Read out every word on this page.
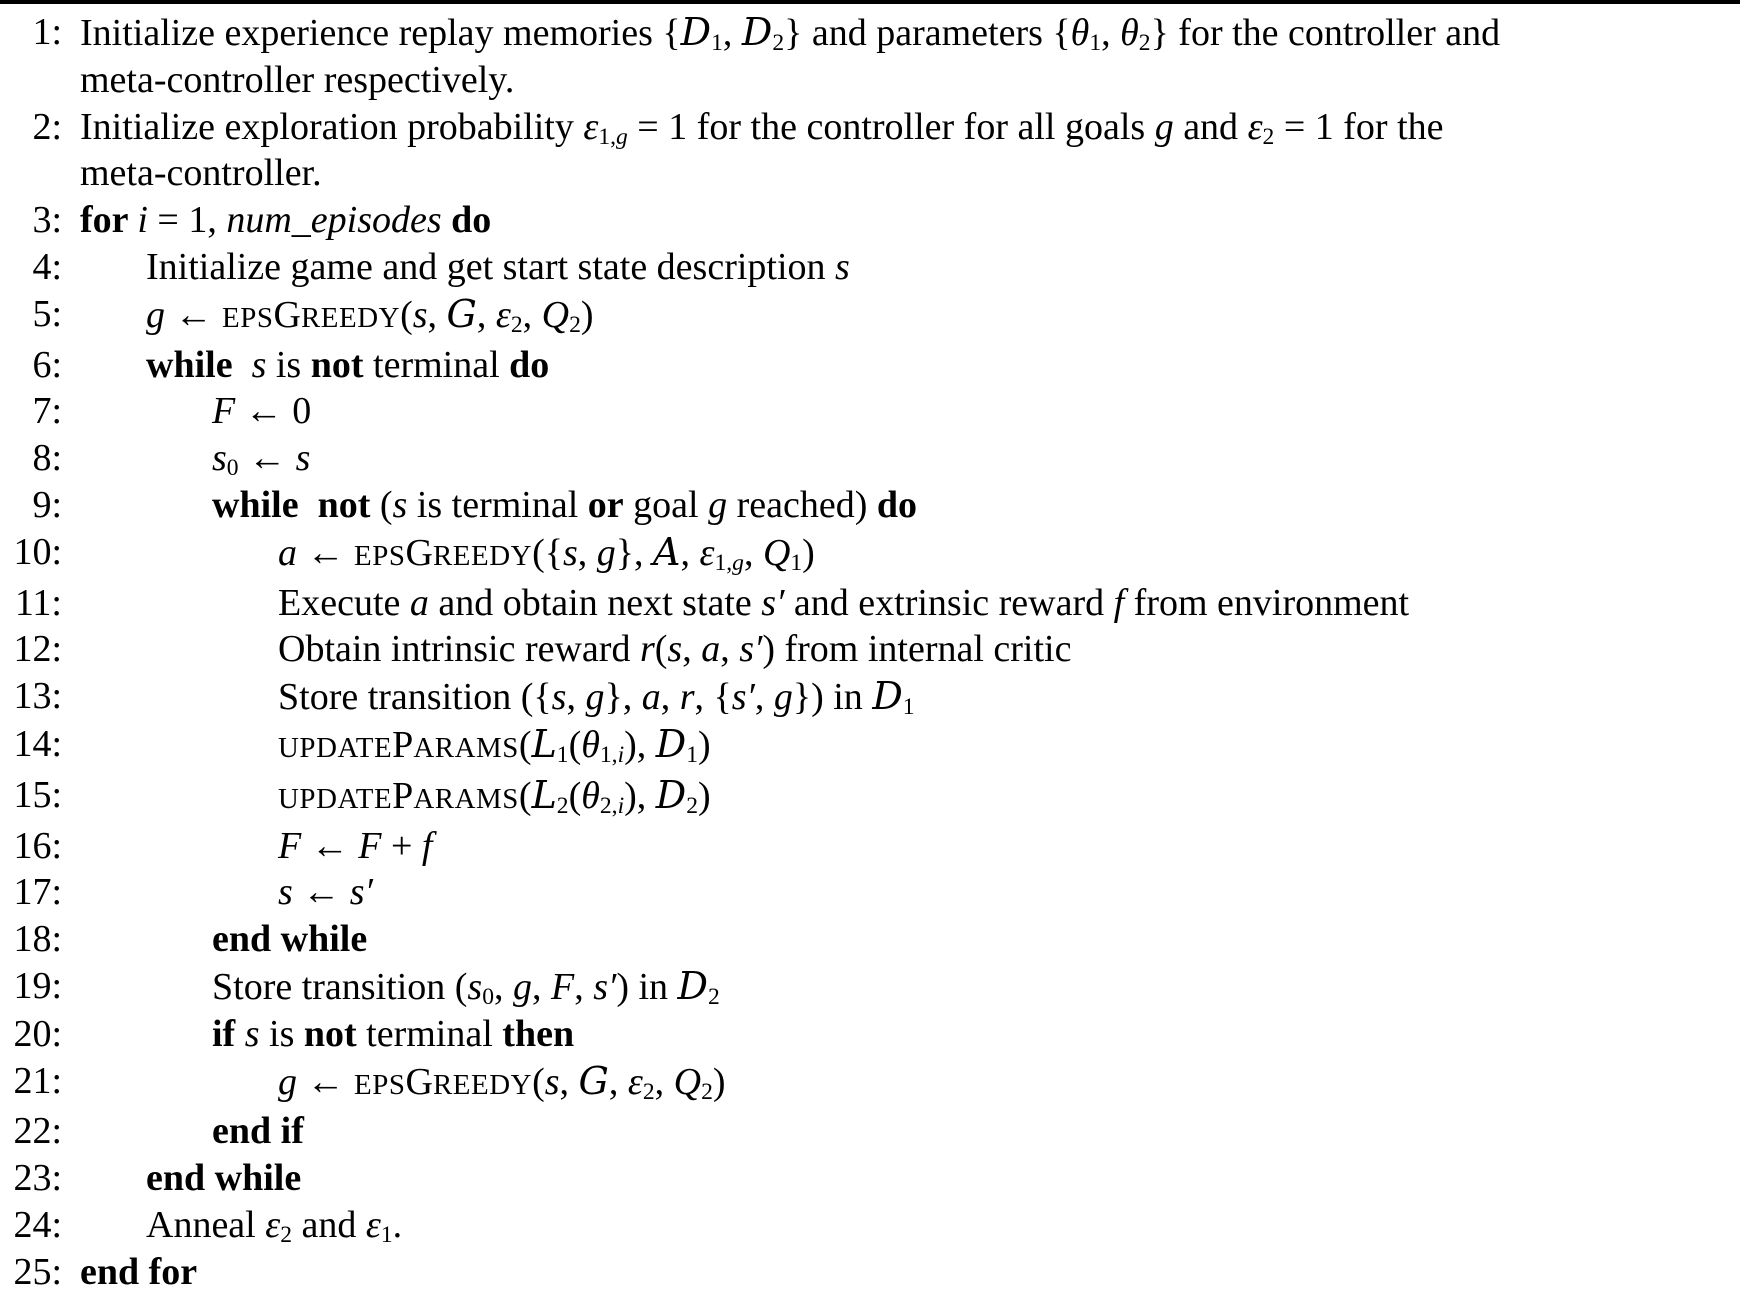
1: Initialize experience replay memories {D1, D2} and parameters {θ1, θ2} for the controller and
meta-controller respectively.
2: Initialize exploration probability ε1,g = 1 for the controller for all goals g and ε2 = 1 for the
meta-controller.
3: for i = 1, num_episodes do
4:	Initialize game and get start state description s
5:	g ← EPSGREEDY(s, G, ε2, Q2)
6:	while s is not terminal do
7:	F ← 0
8:	s0 ← s
9:	while not (s is terminal or goal g reached) do
10:	a ← EPSGREEDY({s, g}, A, ε1,g, Q1)
11:	Execute a and obtain next state s′ and extrinsic reward f from environment
12:	Obtain intrinsic reward r(s, a, s′) from internal critic
13:	Store transition ({s, g}, a, r, {s′, g}) in D1
14:	UPDATEPARAMS(L1(θ1,i), D1)
15:	UPDATEPARAMS(L2(θ2,i), D2)
16:	F ← F + f
17:	s ← s′
18:	end while
19:	Store transition (s0, g, F, s′) in D2
20:	if s is not terminal then
21:	g ← EPSGREEDY(s, G, ε2, Q2)
22:	end if
23:	end while
24:	Anneal ε2 and ε1.
25: end for
